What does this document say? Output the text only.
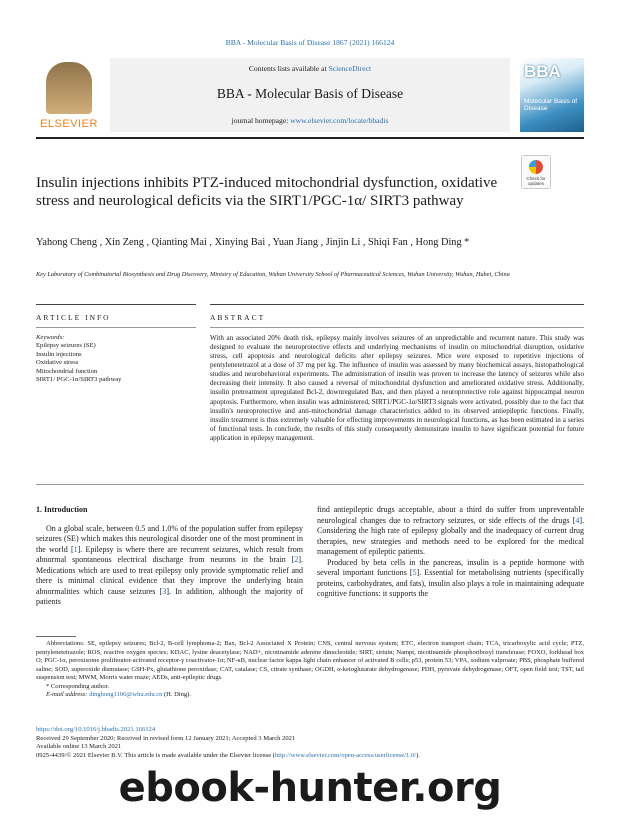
BBA - Molecular Basis of Disease 1867 (2021) 166124
ELSEVIER
Contents lists available at ScienceDirect
BBA - Molecular Basis of Disease
journal homepage: www.elsevier.com/locate/bbadis
BBA
Molecular Basis of Disease
Check for updates
Insulin injections inhibits PTZ-induced mitochondrial dysfunction, oxidative stress and neurological deficits via the SIRT1/PGC-1α/ SIRT3 pathway
Yahong Cheng , Xin Zeng , Qianting Mai , Xinying Bai , Yuan Jiang , Jinjin Li , Shiqi Fan , Hong Ding *
Key Laboratory of Combinatorial Biosynthesis and Drug Discovery, Ministry of Education, Wuhan University School of Pharmaceutical Sciences, Wuhan University, Wuhan, Hubei, China
ARTICLE INFO	ABSTRACT
Keywords:
Epilepsy seizures (SE)
Insulin injections
Oxidative stress
Mitochondrial function
SIRT1/ PGC-1α/SIRT3 pathway
With an associated 20% death risk, epilepsy mainly involves seizures of an unpredictable and recurrent nature. This study was designed to evaluate the neuroprotective effects and underlying mechanisms of insulin on mitochondrial disruption, oxidative stress, cell apoptosis and neurological deficits after epilepsy seizures. Mice were exposed to repetitive injections of pentylenetetrazol at a dose of 37 mg per kg. The influence of insulin was assessed by many biochemical assays, histopathological studies and neurobehavioral experiments. The administration of insulin was proven to increase the latency of seizures while also decreasing their intensity. It also caused a reversal of mitochondrial dysfunction and ameliorated oxidative stress. Additionally, insulin pretreatment upregulated Bcl-2, downregulated Bax, and then played a neuroprotective role against hippocampal neuron apoptosis. Furthermore, when insulin was administered, SIRT1/PGC-1α/SIRT3 signals were activated, possibly due to the fact that insulin's neuroprotective and anti-mitochondrial damage characteristics added to its observed antiepileptic functions. Finally, insulin treatment is thus extremely valuable for effecting improvements in neurological functions, as has been estimated in a series of functional tests. In conclude, the results of this study consequently demonstrate insulin to have significant potential for future application in epilepsy management.

1. Introduction

On a global scale, between 0.5 and 1.0% of the population suffer from epilepsy seizures (SE) which makes this neurological disorder one of the most prominent in the world [1]. Epilepsy is where there are recurrent seizures, which result from abnormal spontaneous electrical discharge from neurons in the brain [2]. Medications which are used to treat epilepsy only provide symptomatic relief and there is minimal clinical evidence that they improve the underlying brain abnormalities which cause seizures [3]. In addition, although the majority of patients

find antiepileptic drugs acceptable, about a third do suffer from unpreventable neurological changes due to refractory seizures, or side effects of the drugs [4]. Considering the high rate of epilepsy globally and the inadequacy of current drug therapies, new strategies and methods need to be explored for the medical management of epileptic patients.

Produced by beta cells in the pancreas, insulin is a peptide hormone with several important functions [5]. Essential for metabolising nutrients (specifically proteins, carbohydrates, and fats), insulin also plays a role in maintaining adequate cognitive functions: it supports the

Abbreviations: SE, epilepsy seizures; Bcl-2, B-cell lymphoma-2; Bax, Bcl-2 Associated X Protein; CNS, central nervous system; ETC, electron transport chain; TCA, tricarboxylic acid cycle; PTZ, pentylenetetrazole; ROS, reactive oxygen species; KDAC, lysine deacetylase; NAD+, nicotinamide adenine dinucleotide; SIRT, sirtuin; Nampt, nicotinamide phosphoribosyl transferase; FOXO, forkhead box O; PGC-1α, peroxisome proliferator-activated receptor-γ coactivator-1α; NF-κB, nuclear factor kappa light chain enhancer of activated B cells; p53, protein 53; VPA, sodium valproate; PBS, phosphate buffered saline; SOD, superoxide dismutase; GSH-Px, glutathione peroxidase; CAT, catalase; CS, citrate synthase; OGDH, α-ketoglutarate dehydrogenase; PDH, pyruvate dehydrogenase; OFT, open field test; TST, tail suspension test; MWM, Morris water maze; AEDs, anti-epileptic drugs.

* Corresponding author.

E-mail address: dinghong1106@whu.edu.cn (H. Ding).

https://doi.org/10.1016/j.bbadis.2021.166124

Received 29 September 2020; Received in revised form 12 January 2021; Accepted 3 March 2021

Available online 13 March 2021

0925-4439/© 2021 Elsevier B.V. This article is made available under the Elsevier license (http://www.elsevier.com/open-access/userlicense/1.0/).

ebook-hunter.org
